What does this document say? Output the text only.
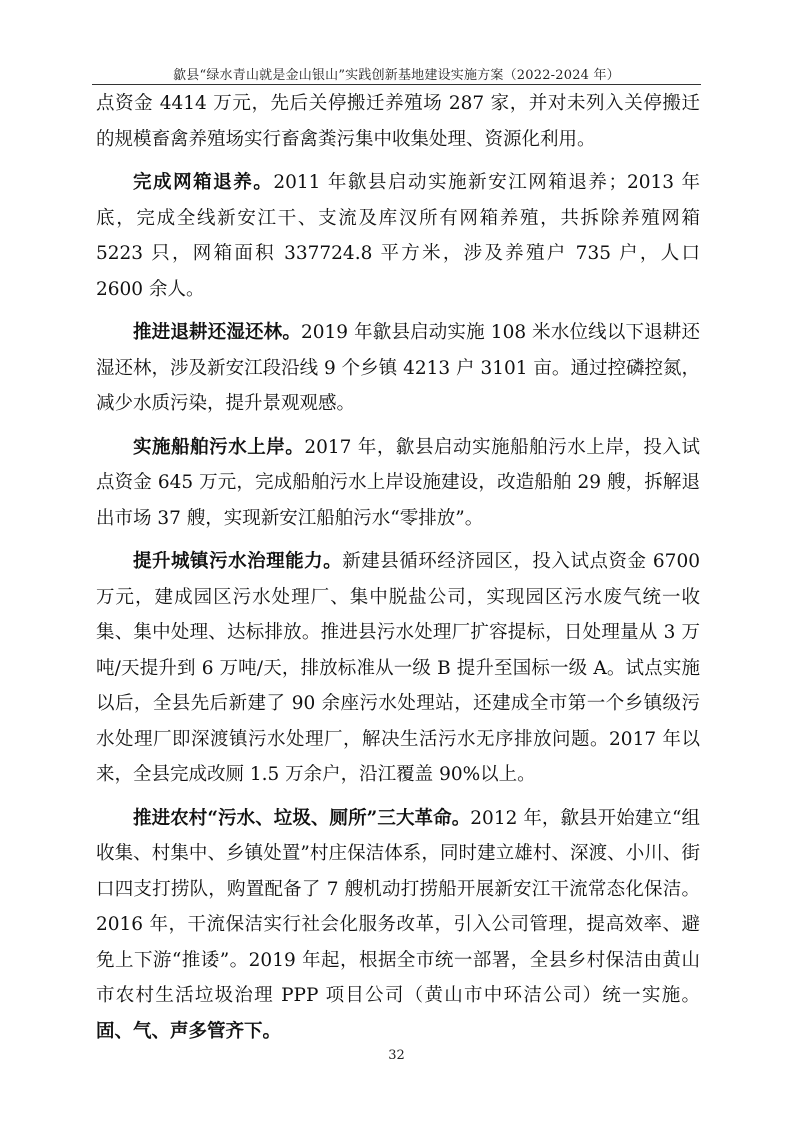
歙县“绿水青山就是金山银山”实践创新基地建设实施方案（2022-2024 年）

点资金 4414 万元，先后关停搬迁养殖场 287 家，并对未列入关停搬迁的规模畜禽养殖场实行畜禽粪污集中收集处理、资源化利用。

完成网箱退养。2011 年歙县启动实施新安江网箱退养；2013 年底，完成全线新安江干、支流及库汊所有网箱养殖，共拆除养殖网箱 5223 只，网箱面积 337724.8 平方米，涉及养殖户 735 户，人口 2600 余人。

推进退耕还湿还林。2019 年歙县启动实施 108 米水位线以下退耕还湿还林，涉及新安江段沿线 9 个乡镇 4213 户 3101 亩。通过控磷控氮，减少水质污染，提升景观观感。

实施船舶污水上岸。2017 年，歙县启动实施船舶污水上岸，投入试点资金 645 万元，完成船舶污水上岸设施建设，改造船舶 29 艘，拆解退出市场 37 艘，实现新安江船舶污水“零排放”。

提升城镇污水治理能力。新建县循环经济园区，投入试点资金 6700 万元，建成园区污水处理厂、集中脱盐公司，实现园区污水废气统一收集、集中处理、达标排放。推进县污水处理厂扩容提标，日处理量从 3 万吨/天提升到 6 万吨/天，排放标准从一级 B 提升至国标一级 A。试点实施以后，全县先后新建了 90 余座污水处理站，还建成全市第一个乡镇级污水处理厂即深渡镇污水处理厂，解决生活污水无序排放问题。2017 年以来，全县完成改厕 1.5 万余户，沿江覆盖 90%以上。

推进农村“污水、垃圾、厕所”三大革命。2012 年，歙县开始建立“组收集、村集中、乡镇处置”村庄保洁体系，同时建立雄村、深渡、小川、街口四支打捞队，购置配备了 7 艘机动打捞船开展新安江干流常态化保洁。2016 年，干流保洁实行社会化服务改革，引入公司管理，提高效率、避免上下游“推诿”。2019 年起，根据全市统一部署，全县乡村保洁由黄山市农村生活垃圾治理 PPP 项目公司（黄山市中环洁公司）统一实施。固、气、声多管齐下。

32
